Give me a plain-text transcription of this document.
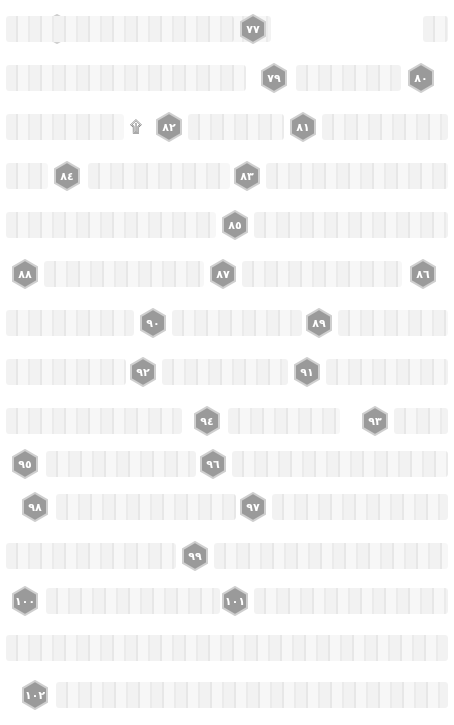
٧٧
٧٩	٨٠
۩	٨٢	٨١
٨٤	٨٣
٨٥
٨٨	٨٧	٨٦
٩٠	٨٩
٩٢	٩١
٩٤	٩٣
٩٥	٩٦
٩٨	٩٧
٩٩
١٠٠	١٠١
١٠٢
